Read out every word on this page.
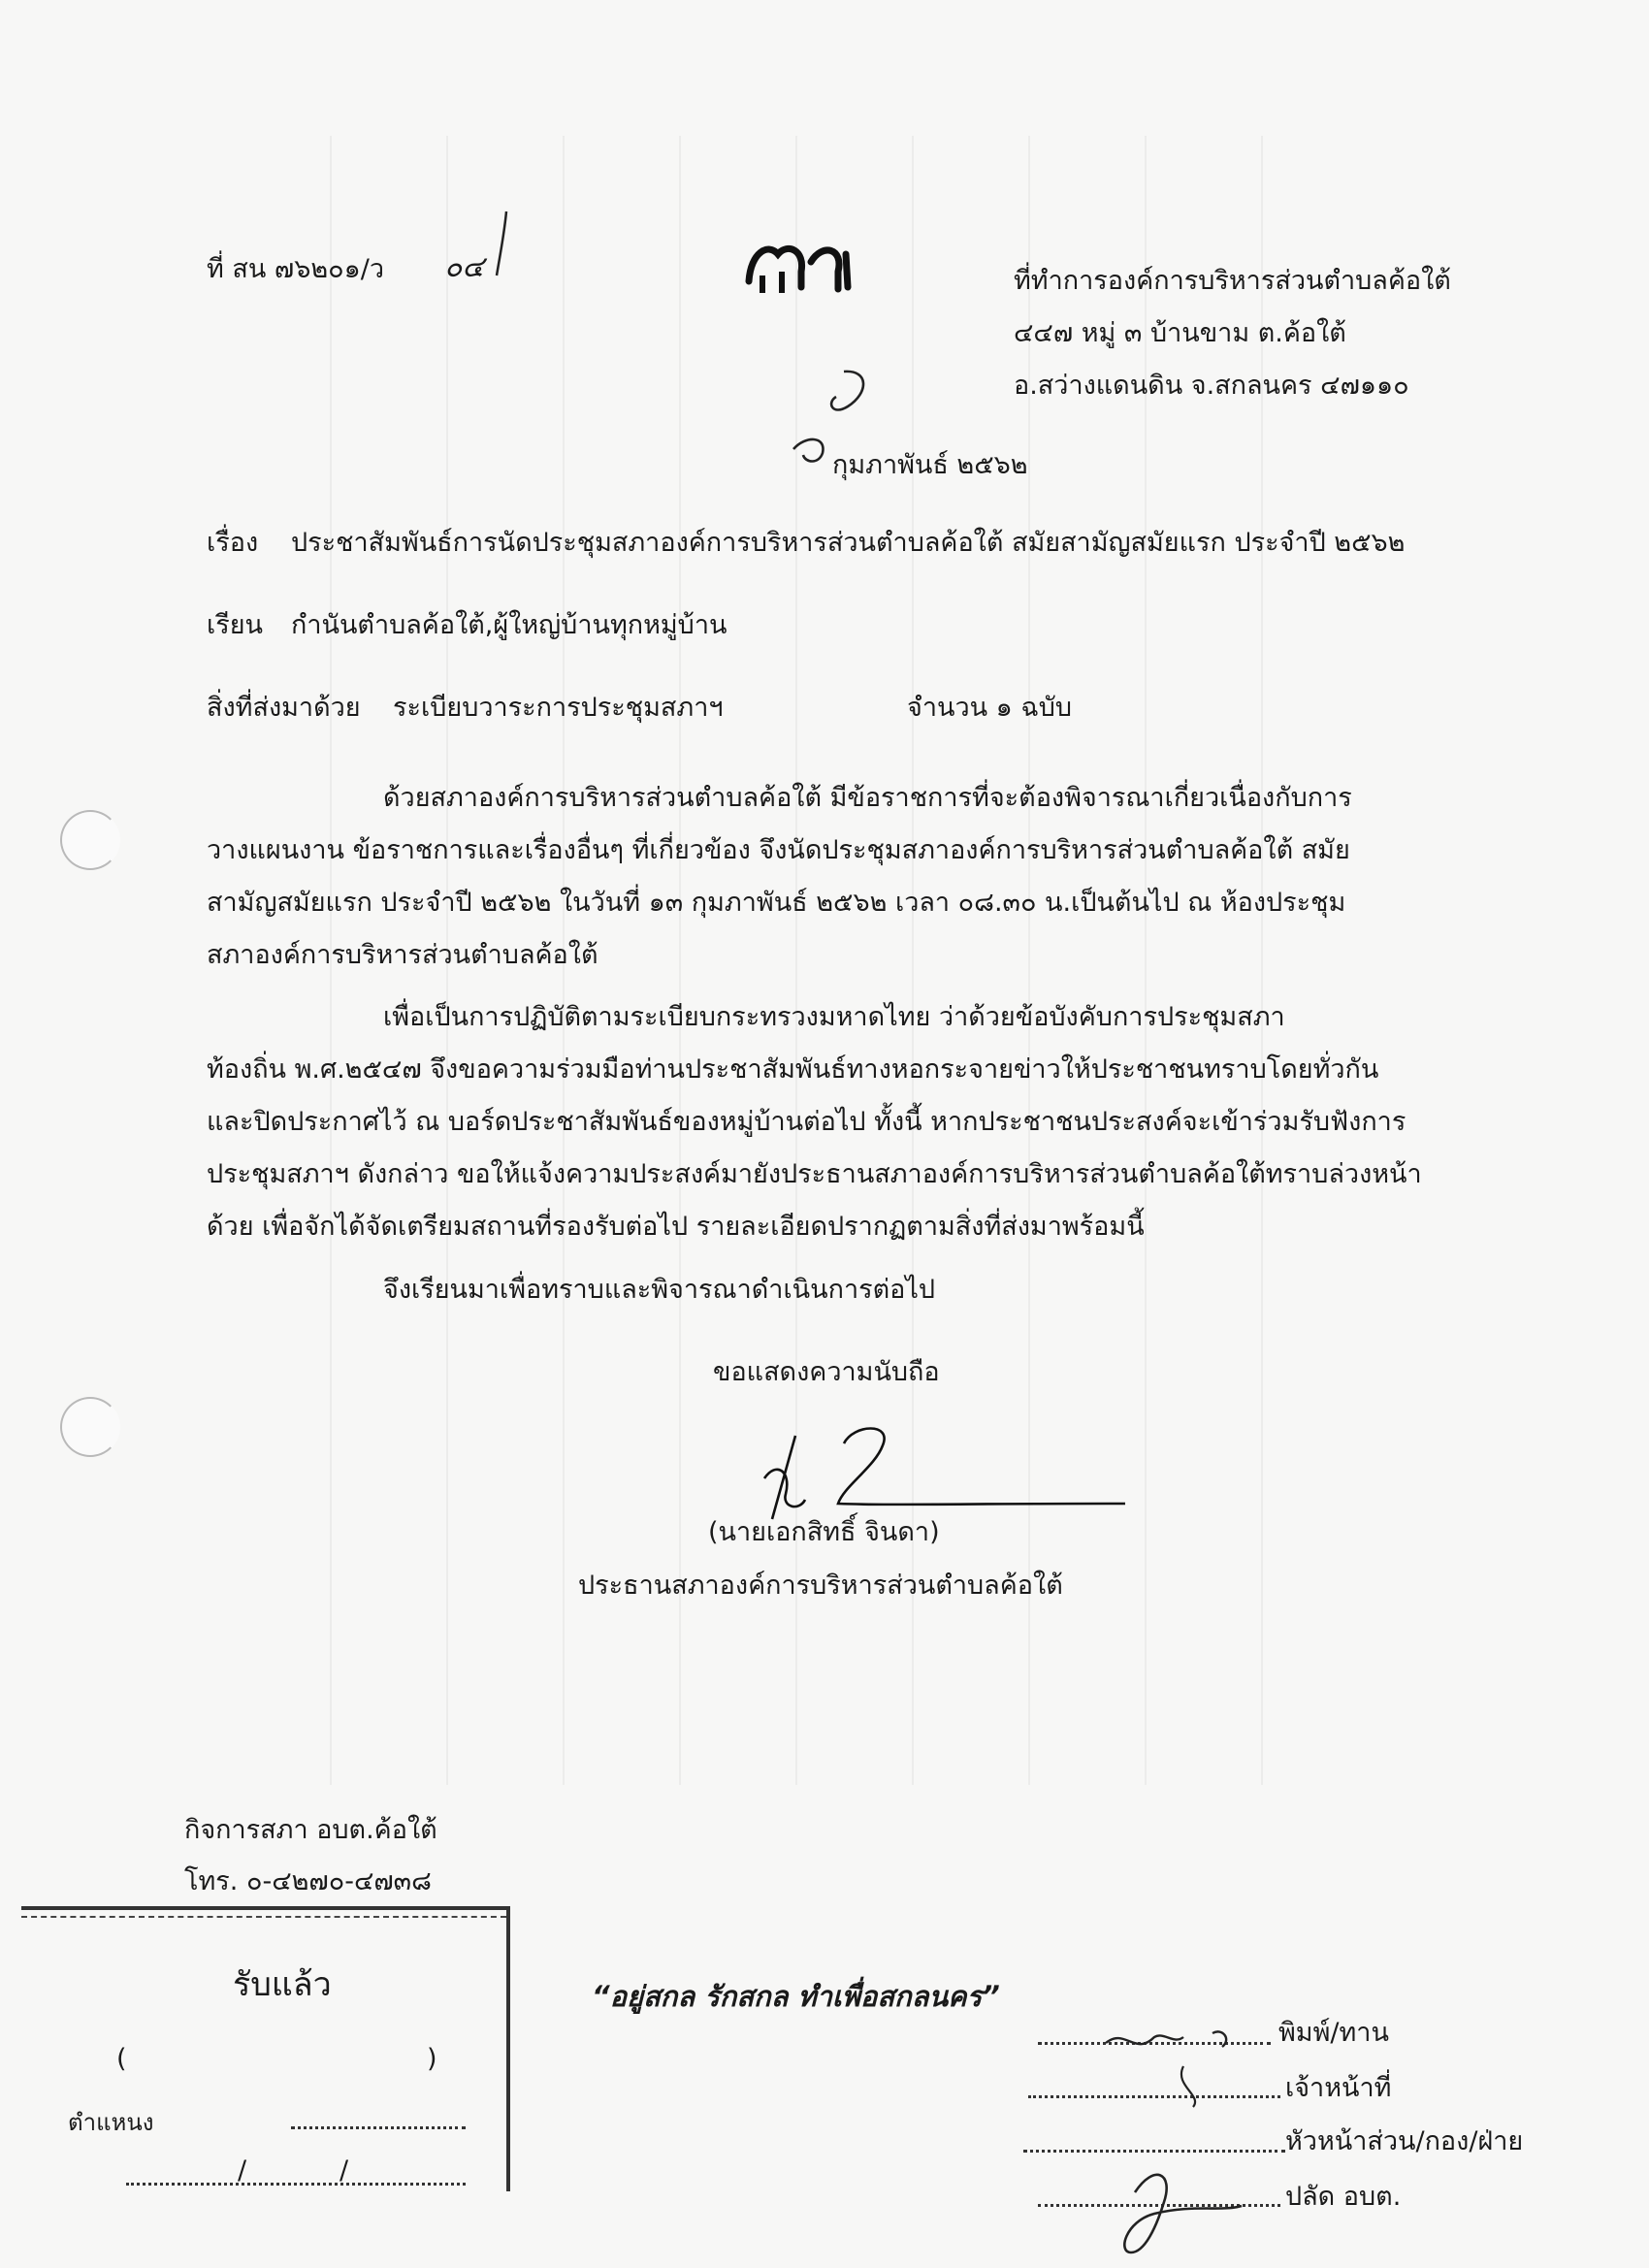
ที่ สน ๗๖๒๐๑/ว ๐๔	ที่ทำการองค์การบริหารส่วนตำบลค้อใต้
๔๔๗ หมู่ ๓ บ้านขาม ต.ค้อใต้
อ.สว่างแดนดิน จ.สกลนคร ๔๗๑๑๐
กุมภาพันธ์ ๒๕๖๒
เรื่อง ประชาสัมพันธ์การนัดประชุมสภาองค์การบริหารส่วนตำบลค้อใต้ สมัยสามัญสมัยแรก ประจำปี ๒๕๖๒
เรียน กำนันตำบลค้อใต้,ผู้ใหญ่บ้านทุกหมู่บ้าน
สิ่งที่ส่งมาด้วย ระเบียบวาระการประชุมสภาฯ	จำนวน ๑ ฉบับ
ด้วยสภาองค์การบริหารส่วนตำบลค้อใต้ มีข้อราชการที่จะต้องพิจารณาเกี่ยวเนื่องกับการ
วางแผนงาน ข้อราชการและเรื่องอื่นๆ ที่เกี่ยวข้อง จึงนัดประชุมสภาองค์การบริหารส่วนตำบลค้อใต้ สมัย
สามัญสมัยแรก ประจำปี ๒๕๖๒ ในวันที่ ๑๓ กุมภาพันธ์ ๒๕๖๒ เวลา ๐๘.๓๐ น.เป็นต้นไป ณ ห้องประชุม
สภาองค์การบริหารส่วนตำบลค้อใต้
เพื่อเป็นการปฏิบัติตามระเบียบกระทรวงมหาดไทย ว่าด้วยข้อบังคับการประชุมสภา
ท้องถิ่น พ.ศ.๒๕๔๗ จึงขอความร่วมมือท่านประชาสัมพันธ์ทางหอกระจายข่าวให้ประชาชนทราบโดยทั่วกัน
และปิดประกาศไว้ ณ บอร์ดประชาสัมพันธ์ของหมู่บ้านต่อไป ทั้งนี้ หากประชาชนประสงค์จะเข้าร่วมรับฟังการ
ประชุมสภาฯ ดังกล่าว ขอให้แจ้งความประสงค์มายังประธานสภาองค์การบริหารส่วนตำบลค้อใต้ทราบล่วงหน้า
ด้วย เพื่อจักได้จัดเตรียมสถานที่รองรับต่อไป รายละเอียดปรากฏตามสิ่งที่ส่งมาพร้อมนี้
จึงเรียนมาเพื่อทราบและพิจารณาดำเนินการต่อไป
ขอแสดงความนับถือ
(นายเอกสิทธิ์ จินดา)
ประธานสภาองค์การบริหารส่วนตำบลค้อใต้
กิจการสภา อบต.ค้อใต้
โทร. ๐-๔๒๗๐-๔๗๓๘
“อยู่สกล รักสกล ทำเพื่อสกลนคร”
รับแล้ว
(	)
ตำแหนง
/	/
พิมพ์/ทาน
เจ้าหน้าที่
หัวหน้าส่วน/กอง/ฝ่าย
ปลัด อบต.
